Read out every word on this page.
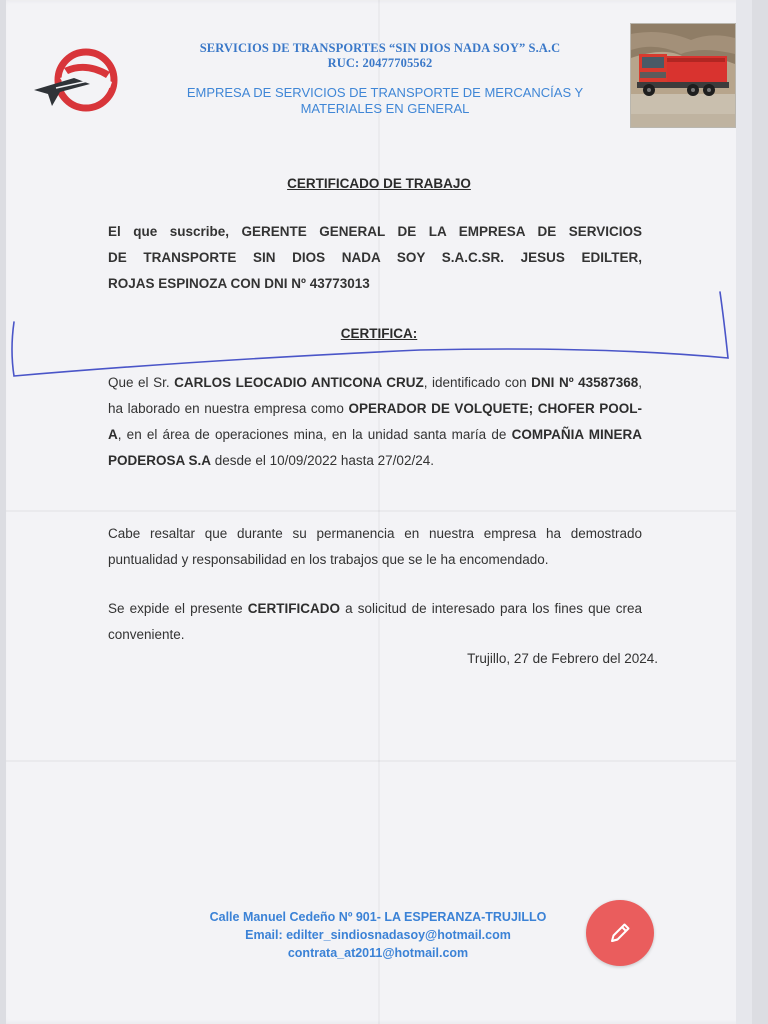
SERVICIOS DE TRANSPORTES “SIN DIOS NADA SOY” S.A.C
RUC: 20477705562
EMPRESA DE SERVICIOS DE TRANSPORTE DE MERCANCÍAS Y
MATERIALES EN GENERAL
CERTIFICADO DE TRABAJO
El que suscribe, GERENTE GENERAL DE LA EMPRESA DE SERVICIOS
DE TRANSPORTE SIN DIOS NADA SOY S.A.C.SR. JESUS EDILTER,
ROJAS ESPINOZA CON DNI Nº 43773013
CERTIFICA:
Que el Sr. CARLOS LEOCADIO ANTICONA CRUZ, identificado con DNI Nº 43587368, ha laborado en nuestra empresa como OPERADOR DE VOLQUETE; CHOFER POOL-A, en el área de operaciones mina, en la unidad santa maría de COMPAÑIA MINERA PODEROSA S.A desde el 10/09/2022 hasta 27/02/24.
Cabe resaltar que durante su permanencia en nuestra empresa ha demostrado puntualidad y responsabilidad en los trabajos que se le ha encomendado.
Se expide el presente CERTIFICADO a solicitud de interesado para los fines que crea conveniente.
Trujillo, 27 de Febrero del 2024.
Calle Manuel Cedeño Nº 901- LA ESPERANZA-TRUJILLO
Email: edilter_sindiosnadasoy@hotmail.com
contrata_at2011@hotmail.com
